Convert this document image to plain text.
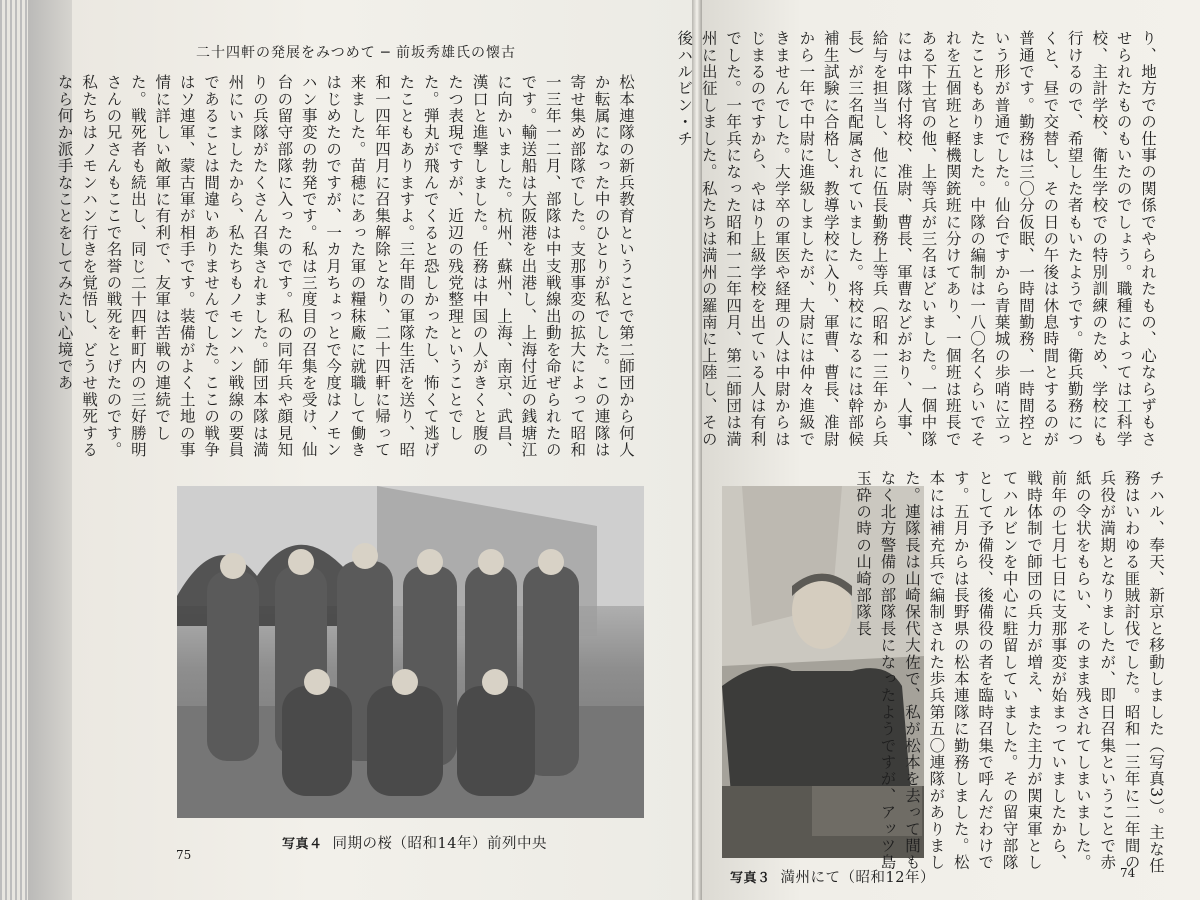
二十四軒の発展をみつめて ─ 前坂秀雄氏の懐古
松本連隊の新兵教育ということで第二師団から何人か転属になった中のひとりが私でした。この連隊は寄せ集め部隊でした。支那事変の拡大によって昭和一三年一二月、部隊は中支戦線出動を命ぜられたのです。輸送船は大阪港を出港し、上海付近の銭塘江に向かいました。杭州、蘇州、上海、南京、武昌、漢口と進撃しました。任務は中国の人がきくと腹のたつ表現ですが、近辺の残党整理ということでした。弾丸が飛んでくると恐しかったし、怖くて逃げたこともありますよ。三年間の軍隊生活を送り、昭和一四年四月に召集解除となり、二十四軒に帰って来ました。苗穂にあった軍の糧秣廠に就職して働きはじめたのですが、一カ月ちょっとで今度はノモンハン事変の勃発です。私は三度目の召集を受け、仙台の留守部隊に入ったのです。私の同年兵や顔見知りの兵隊がたくさん召集されました。師団本隊は満州にいましたから、私たちもノモンハン戦線の要員であることは間違いありませんでした。ここの戦争はソ連軍、蒙古軍が相手です。装備がよく土地の事情に詳しい敵軍に有利で、友軍は苦戦の連続でした。戦死者も続出し、同じ二十四軒町内の三好勝明さんの兄さんもここで名誉の戦死をとげたのです。私たちはノモンハン行きを覚悟し、どうせ戦死するなら何か派手なことをしてみたい心境であ
写真４ 同期の桜（昭和14年）前列中央
75
り、地方での仕事の関係でやられたもの、心ならずもさせられたものもいたのでしょう。職種によっては工科学校、主計学校、衛生学校での特別訓練のため、学校にも行けるので、希望した者もいたようです。衛兵勤務につくと、昼で交替し、その日の午後は休息時間とするのが普通です。勤務は三〇分仮眠、一時間勤務、一時間控という形が普通でした。仙台ですから青葉城の歩哨に立ったこともありました。中隊の編制は一八〇名くらいでそれを五個班と軽機関銃班に分けてあり、一個班は班長である下士官の他、上等兵が三名ほどいました。一個中隊には中隊付将校、准尉、曹長、軍曹などがおり、人事、給与を担当し、他に伍長勤務上等兵（昭和一三年から兵長）が三名配属されていました。将校になるには幹部候補生試験に合格し、教導学校に入り、軍曹、曹長、准尉から一年で中尉に進級しましたが、大尉には仲々進級できませんでした。大学卒の軍医や経理の人は中尉からはじまるのですから、やはり上級学校を出ている人は有利でした。一年兵になった昭和一二年四月、第二師団は満州に出征しました。私たちは満州の羅南に上陸し、その後ハルビン・チ
写真３ 満州にて（昭和12年）
チハル、奉天、新京と移動しました（写真3）。主な任務はいわゆる匪賊討伐でした。昭和一三年に二年間の兵役が満期となりましたが、即日召集ということで赤紙の令状をもらい、そのまま残されてしまいました。前年の七月七日に支那事変が始まっていましたから、戦時体制で師団の兵力が増え、また主力が関東軍としてハルビンを中心に駐留していました。その留守部隊として予備役、後備役の者を臨時召集で呼んだわけです。五月からは長野県の松本連隊に勤務しました。松本には補充兵で編制された歩兵第五〇連隊がありました。連隊長は山崎保代大佐で、私が松本を去って間もなく北方警備の部隊長になったようですが、アッツ島玉砕の時の山崎部隊長
74
